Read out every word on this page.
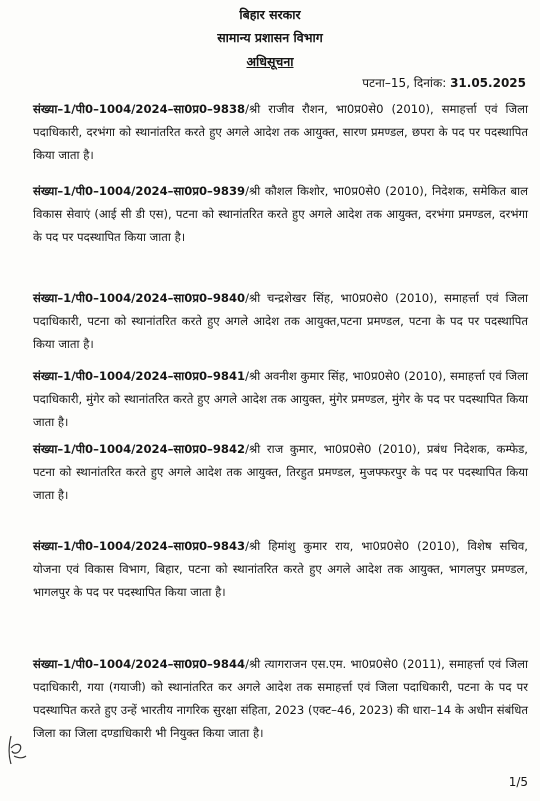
बिहार सरकार
सामान्य प्रशासन विभाग
अधिसूचना
पटना–15, दिनांक: 31.05.2025

संख्या–1/पी0–1004/2024–सा0प्र0–9838/श्री राजीव रौशन, भा0प्र0से0 (2010), समाहर्त्ता एवं जिला पदाधिकारी, दरभंगा को स्थानांतरित करते हुए अगले आदेश तक आयुक्त, सारण प्रमण्डल, छपरा के पद पर पदस्थापित किया जाता है।

संख्या–1/पी0–1004/2024–सा0प्र0–9839/श्री कौशल किशोर, भा0प्र0से0 (2010), निदेशक, समेकित बाल विकास सेवाएं (आई सी डी एस), पटना को स्थानांतरित करते हुए अगले आदेश तक आयुक्त, दरभंगा प्रमण्डल, दरभंगा के पद पर पदस्थापित किया जाता है।

संख्या–1/पी0–1004/2024–सा0प्र0–9840/श्री चन्द्रशेखर सिंह, भा0प्र0से0 (2010), समाहर्त्ता एवं जिला पदाधिकारी, पटना को स्थानांतरित करते हुए अगले आदेश तक आयुक्त,पटना प्रमण्डल, पटना के पद पर पदस्थापित किया जाता है।

संख्या–1/पी0–1004/2024–सा0प्र0–9841/श्री अवनीश कुमार सिंह, भा0प्र0से0 (2010), समाहर्त्ता एवं जिला पदाधिकारी, मुंगेर को स्थानांतरित करते हुए अगले आदेश तक आयुक्त, मुंगेर प्रमण्डल, मुंगेर के पद पर पदस्थापित किया जाता है।

संख्या–1/पी0–1004/2024–सा0प्र0–9842/श्री राज कुमार, भा0प्र0से0 (2010), प्रबंध निदेशक, कम्फेड, पटना को स्थानांतरित करते हुए अगले आदेश तक आयुक्त, तिरहुत प्रमण्डल, मुजफ्फरपुर के पद पर पदस्थापित किया जाता है।

संख्या–1/पी0–1004/2024–सा0प्र0–9843/श्री हिमांशु कुमार राय, भा0प्र0से0 (2010), विशेष सचिव, योजना एवं विकास विभाग, बिहार, पटना को स्थानांतरित करते हुए अगले आदेश तक आयुक्त, भागलपुर प्रमण्डल, भागलपुर के पद पर पदस्थापित किया जाता है।

संख्या–1/पी0–1004/2024–सा0प्र0–9844/श्री त्यागराजन एस.एम. भा0प्र0से0 (2011), समाहर्त्ता एवं जिला पदाधिकारी, गया (गयाजी) को स्थानांतरित कर अगले आदेश तक समाहर्त्ता एवं जिला पदाधिकारी, पटना के पद पर पदस्थापित करते हुए उन्हें भारतीय नागरिक सुरक्षा संहिता, 2023 (एक्ट–46, 2023) की धारा–14 के अधीन संबंधित जिला का जिला दण्डाधिकारी भी नियुक्त किया जाता है।

1/5
